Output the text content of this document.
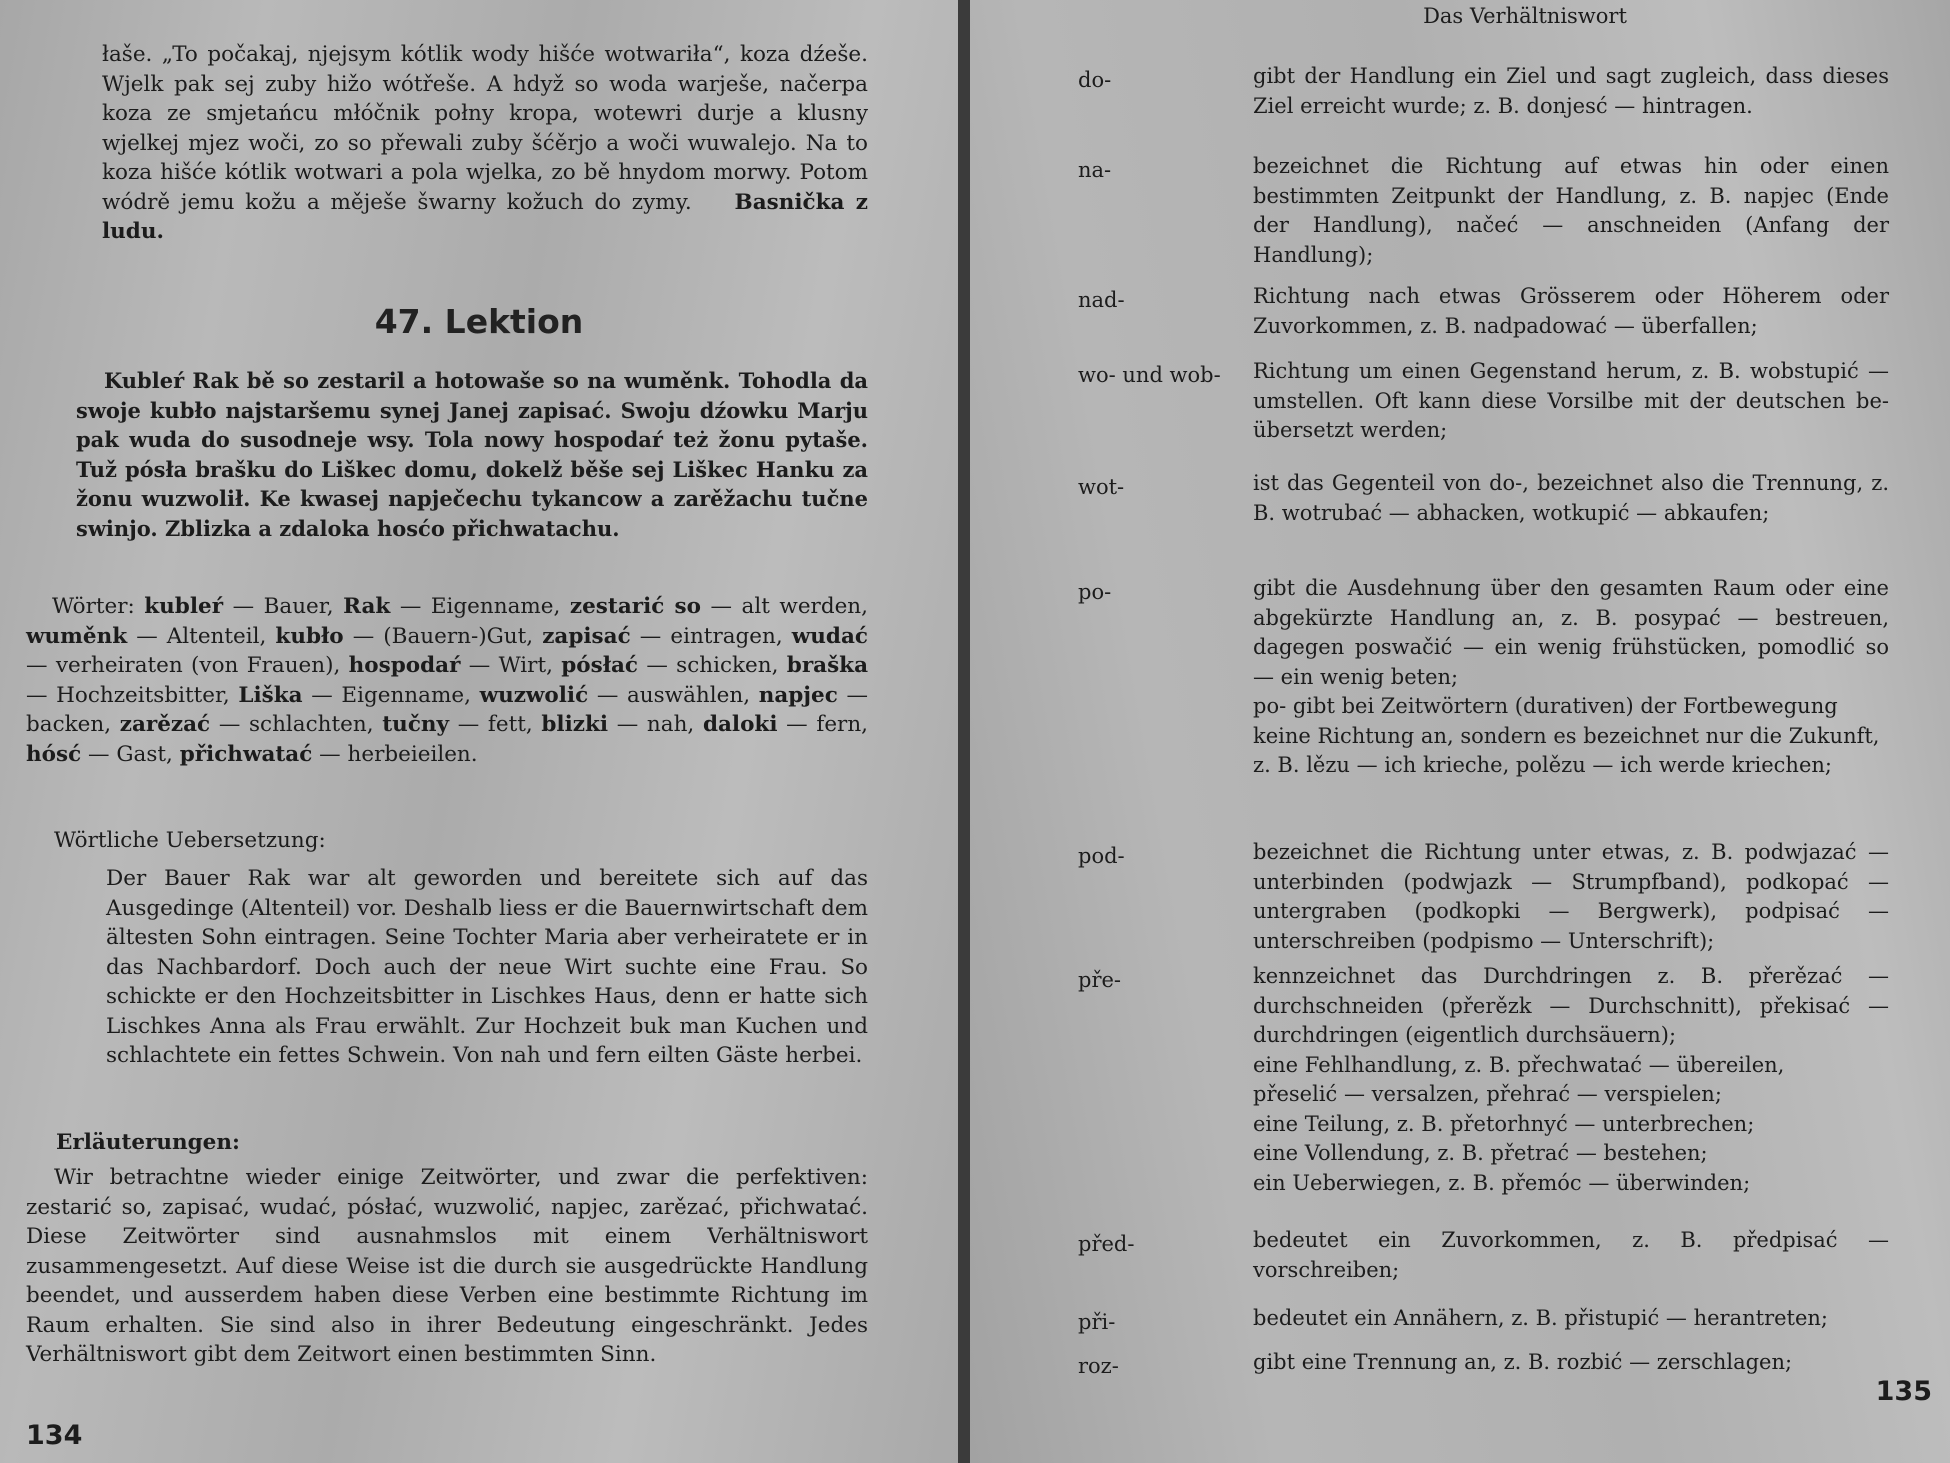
łaše. „To počakaj, njejsym kótlik wody hišće wotwariła“, koza dźeše. Wjelk pak sej zuby hižo wótřeše. A hdyž so woda warješe, načerpa koza ze smjetańcu młóčnik połny kropa, wotewri durje a klusny wjelkej mjez woči, zo so přewali zuby šćěrjo a woči wuwalejo. Na to koza hišće kótlik wotwari a pola wjelka, zo bě hnydom morwy. Potom wódrě jemu kožu a měješe šwarny kožuch do zymy. Basnička z ludu.

47. Lektion

Kubleŕ Rak bě so zestaril a hotowaše so na wuměnk. Tohodla da swoje kubło najstaršemu synej Janej zapisać. Swoju dźowku Marju pak wuda do susodneje wsy. Tola nowy hospodaŕ też žonu pytaše. Tuž pósła brašku do Liškec domu, dokelž běše sej Liškec Hanku za žonu wuzwolił. Ke kwasej napječechu tykancow a zarěžachu tučne swinjo. Zblizka a zdaloka hosćo přichwatachu.

Wörter: kubleŕ — Bauer, Rak — Eigenname, zestarić so — alt werden, wuměnk — Altenteil, kubło — (Bauern-)Gut, zapisać — eintragen, wudać — verheiraten (von Frauen), hospodaŕ — Wirt, pósłać — schicken, braška — Hochzeitsbitter, Liška — Eigenname, wuzwolić — auswählen, napjec — backen, zarězać — schlachten, tučny — fett, blizki — nah, daloki — fern, hósć — Gast, přichwatać — herbeieilen.

Wörtliche Uebersetzung:

Der Bauer Rak war alt geworden und bereitete sich auf das Ausgedinge (Altenteil) vor. Deshalb liess er die Bauernwirtschaft dem ältesten Sohn eintragen. Seine Tochter Maria aber verheiratete er in das Nachbardorf. Doch auch der neue Wirt suchte eine Frau. So schickte er den Hochzeitsbitter in Lischkes Haus, denn er hatte sich Lischkes Anna als Frau erwählt. Zur Hochzeit buk man Kuchen und schlachtete ein fettes Schwein. Von nah und fern eilten Gäste herbei.

Erläuterungen:

Wir betrachtne wieder einige Zeitwörter, und zwar die perfektiven: zestarić so, zapisać, wudać, pósłać, wuzwolić, napjec, zarězać, přichwatać. Diese Zeitwörter sind ausnahmslos mit einem Verhältniswort zusammengesetzt. Auf diese Weise ist die durch sie ausgedrückte Handlung beendet, und ausserdem haben diese Verben eine bestimmte Richtung im Raum erhalten. Sie sind also in ihrer Bedeutung eingeschränkt. Jedes Verhältniswort gibt dem Zeitwort einen bestimmten Sinn.

134
Das Verhältniswort
do-	gibt der Handlung ein Ziel und sagt zugleich, dass dieses Ziel erreicht wurde; z. B. donjesć — hintragen.

na-	bezeichnet die Richtung auf etwas hin oder einen bestimmten Zeitpunkt der Handlung, z. B. napjec (Ende der Handlung), načeć — anschneiden (Anfang der Handlung);

nad-	Richtung nach etwas Grösserem oder Höherem oder Zuvorkommen, z. B. nadpadować — überfallen;

wo- und wob- Richtung um einen Gegenstand herum, z. B. wobstupić — umstellen. Oft kann diese Vorsilbe mit der deutschen be- übersetzt werden;

wot-	ist das Gegenteil von do-, bezeichnet also die Trennung, z. B. wotrubać — abhacken, wotkupić — abkaufen;

po-	gibt die Ausdehnung über den gesamten Raum oder eine abgekürzte Handlung an, z. B. posypać — bestreuen, dagegen poswačić — ein wenig frühstücken, pomodlić so — ein wenig beten;

po- gibt bei Zeitwörtern (durativen) der Fortbewegung keine Richtung an, sondern es bezeichnet nur die Zukunft, z. B. lězu — ich krieche, polězu — ich werde kriechen;

pod-	bezeichnet die Richtung unter etwas, z. B. podwjazać — unterbinden (podwjazk — Strumpfband), podkopać — untergraben (podkopki — Bergwerk), podpisać — unterschreiben (podpismo — Unterschrift);

pře-	kennzeichnet das Durchdringen z. B. přerězać — durchschneiden (přerězk — Durchschnitt), překisać — durchdringen (eigentlich durchsäuern);

eine Fehlhandlung, z. B. přechwatać — übereilen,

přeselić — versalzen, přehrać — verspielen;

eine Teilung, z. B. přetorhnyć — unterbrechen;

eine Vollendung, z. B. přetrać — bestehen;

ein Ueberwiegen, z. B. přemóc — überwinden;

před-	bedeutet ein Zuvorkommen, z. B. předpisać — vorschreiben;

při-	bedeutet ein Annähern, z. B. přistupić — herantreten;

roz-	gibt eine Trennung an, z. B. rozbić — zerschlagen;

135
